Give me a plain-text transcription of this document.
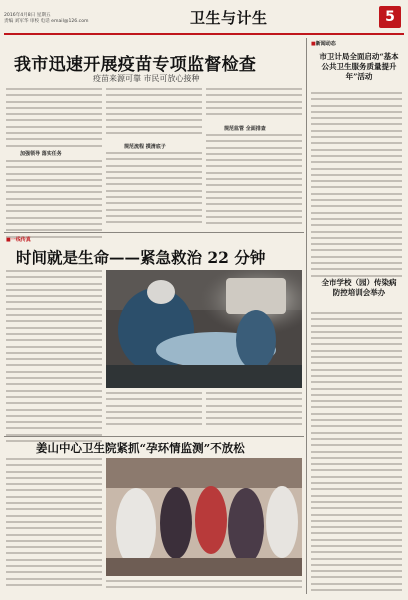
2016年4月8日 星期五
责编 刘军华 审校 电话 email@126.com	卫生与计生	5
我市迅速开展疫苗专项监督检查
疫苗来源可靠 市民可放心接种
加强领导 落实任务
规范流程 摸清底子
规范监管 全面排查
■一线传真
时间就是生命——紧急救治 22 分钟
姜山中心卫生院紧抓“孕环情监测”不放松
■新闻动态
市卫计局全面启动“基本公共卫生服务质量提升年”活动
全市学校（园）传染病防控培训会举办
